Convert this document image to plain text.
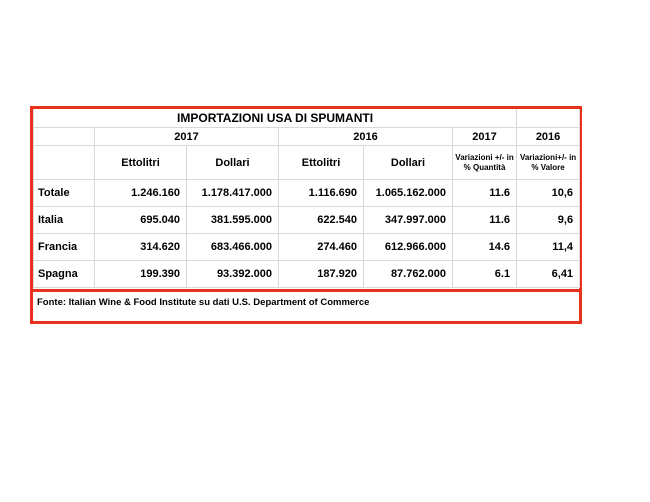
IMPORTAZIONI USA DI SPUMANTI						
	2017		2016		2017	2016
	Ettolitri	Dollari	Ettolitri	Dollari	Variazioni +/- in % Quantità	Variazioni+/- in % Valore
Totale	1.246.160	1.178.417.000	1.116.690	1.065.162.000	11.6	10,6
Italia	695.040	381.595.000	622.540	347.997.000	11.6	9,6
Francia	314.620	683.466.000	274.460	612.966.000	14.6	11,4
Spagna	199.390	93.392.000	187.920	87.762.000	6.1	6,41
Fonte: Italian Wine & Food Institute su dati U.S. Department of Commerce
